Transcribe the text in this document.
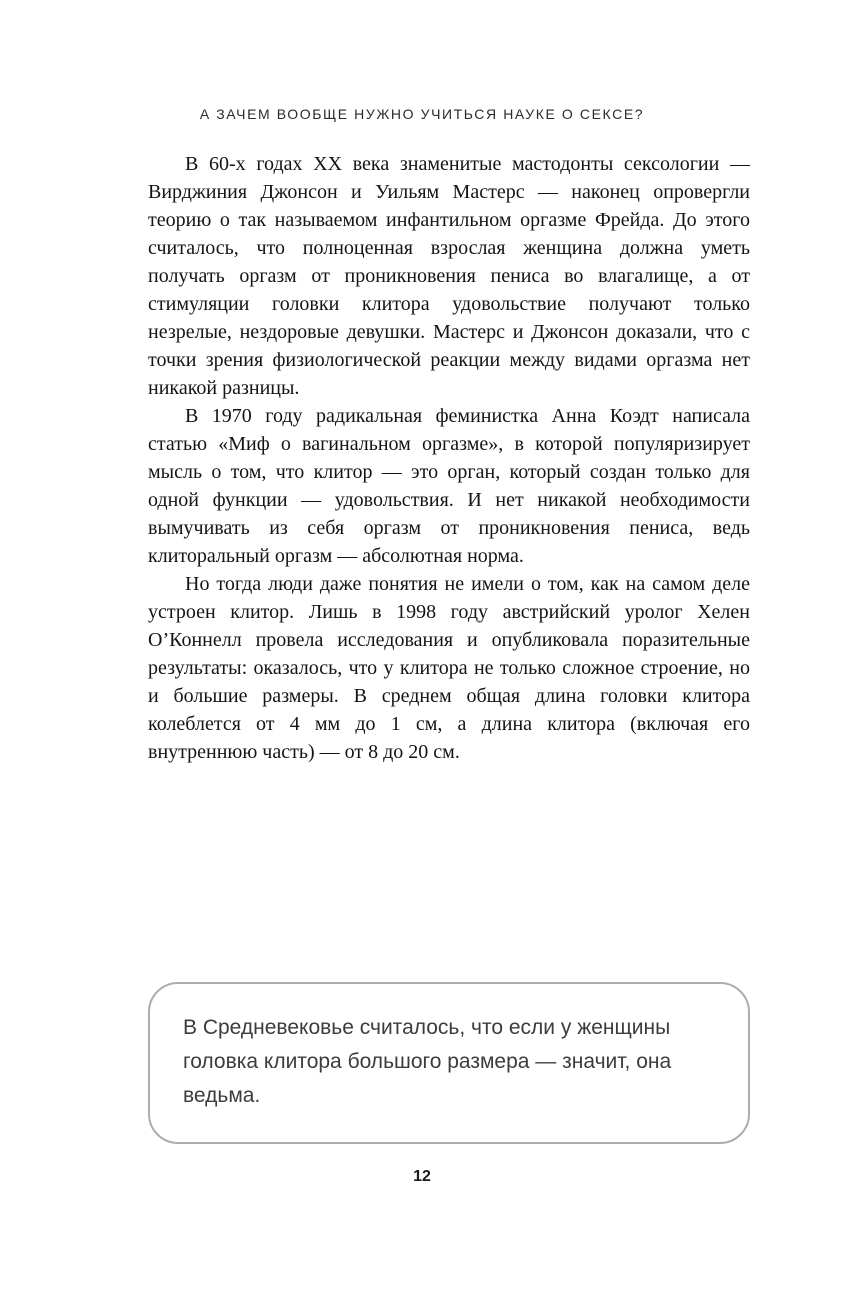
А ЗАЧЕМ ВООБЩЕ НУЖНО УЧИТЬСЯ НАУКЕ О СЕКСЕ?

В 60-х годах XX века знаменитые мастодонты сексологии — Вирджиния Джонсон и Уильям Мастерс — наконец опровергли теорию о так называемом инфантильном оргазме Фрейда. До этого считалось, что полноценная взрослая женщина должна уметь получать оргазм от проникновения пениса во влагалище, а от стимуляции головки клитора удовольствие получают только незрелые, нездоровые девушки. Мастерс и Джонсон доказали, что с точки зрения физиологической реакции между видами оргазма нет никакой разницы.

В 1970 году радикальная феминистка Анна Коэдт написала статью «Миф о вагинальном оргазме», в которой популяризирует мысль о том, что клитор — это орган, который создан только для одной функции — удовольствия. И нет никакой необходимости вымучивать из себя оргазм от проникновения пениса, ведь клиторальный оргазм — абсолютная норма.

Но тогда люди даже понятия не имели о том, как на самом деле устроен клитор. Лишь в 1998 году австрийский уролог Хелен О’Коннелл провела исследования и опубликовала поразительные результаты: оказалось, что у клитора не только сложное строение, но и большие размеры. В среднем общая длина головки клитора колеблется от 4 мм до 1 см, а длина клитора (включая его внутреннюю часть) — от 8 до 20 см.

В Средневековье считалось, что если у женщины головка клитора большого размера — значит, она ведьма.

12
